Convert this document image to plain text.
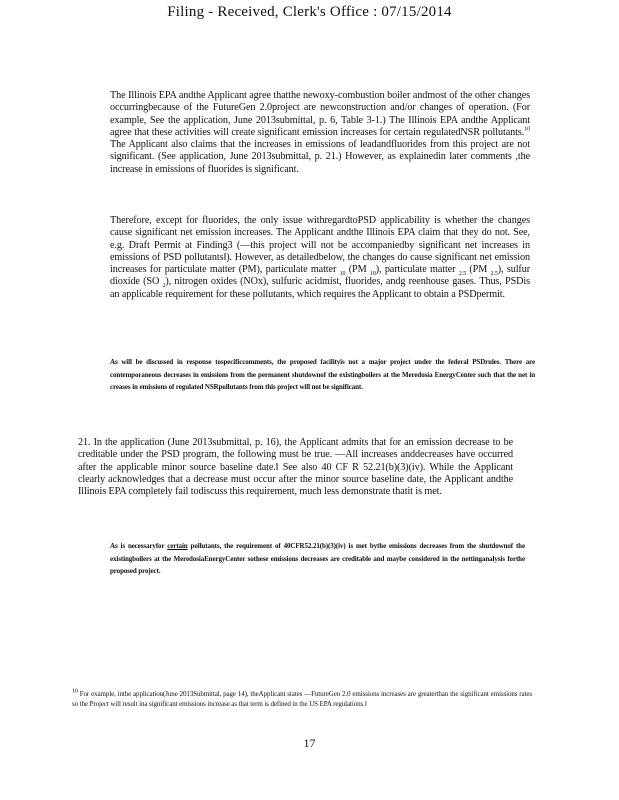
Filing - Received, Clerk's Office : 07/15/2014

The Illinois EPA andthe Applicant agree thatthe newoxy-combustion boiler andmost of the other changes occurringbecause of the FutureGen 2.0project are newconstruction and/or changes of operation. (For example, See the application, June 2013submittal, p. 6, Table 3-1.) The Illinois EPA andthe Applicant agree that these activities will create significant emission increases for certain regulatedNSR pollutants.$^{10}$ The Applicant also claims that the increases in emissions of leadandfluorides from this project are not significant. (See application, June 2013submittal, p. 21.) However, as explainedin later comments ,the increase in emissions of fluorides is significant.

Therefore, except for fluorides, the only issue withregardtoPSD applicability is whether the changes cause significant net emission increases. The Applicant andthe Illinois EPA claim that they do not. See, e.g. Draft Permit at Finding3 (―this project will not be accompaniedby significant net increases in emissions of PSD pollutants‖). However, as detailedbelow, the changes do cause significant net emission increases for particulate matter (PM), particulate matter $_{10}$ (PM $_{10}$), particulate matter $_{2.5}$ (PM $_{2.5}$), sulfur dioxide (SO $_2$), nitrogen oxides (NOx), sulfuric acidmist, fluorides, andg reenhouse gases. Thus, PSDis an applicable requirement for these pollutants, which requires the Applicant to obtain a PSDpermit.

As will be discussed in response tospecificcomments, the proposed facilityis not a major project under the federal PSDrules. There are contemporaneous decreases in emissions from the permanent shutdownof the existingboilers at the Meredosia EnergyCenter such that the net in creases in emissions of regulated NSRpollutants from this project will not be significant.

21. In the application (June 2013submittal, p. 16), the Applicant admits that for an emission decrease to be creditable under the PSD program, the following must be true. ―All increases anddecreases have occurred after the applicable minor source baseline date.‖ See also 40 CF R 52.21(b)(3)(iv). While the Applicant clearly acknowledges that a decrease must occur after the minor source baseline date, the Applicant andthe Illinois EPA completely fail todiscuss this requirement, much less demonstrate thatit is met.

As is necessaryfor certain pollutants, the requirement of 40CFR52.21(b)(3)(iv) is met bythe emissions decreases from the shutdownof the existingboilers at the MeredosiaEnergyCenter sothese emissions decreases are creditable and maybe considered in the nettinganalysis forthe proposed project.

$^{10}$ For example, inthe application(June 2013Submittal, page 14), theApplicant states ―FutureGen 2.0 emissions increases are greaterthan the significant emissions rates so the Project will result ina significant emissions increase as that term is defined in the US EPA regulations.‖

17
